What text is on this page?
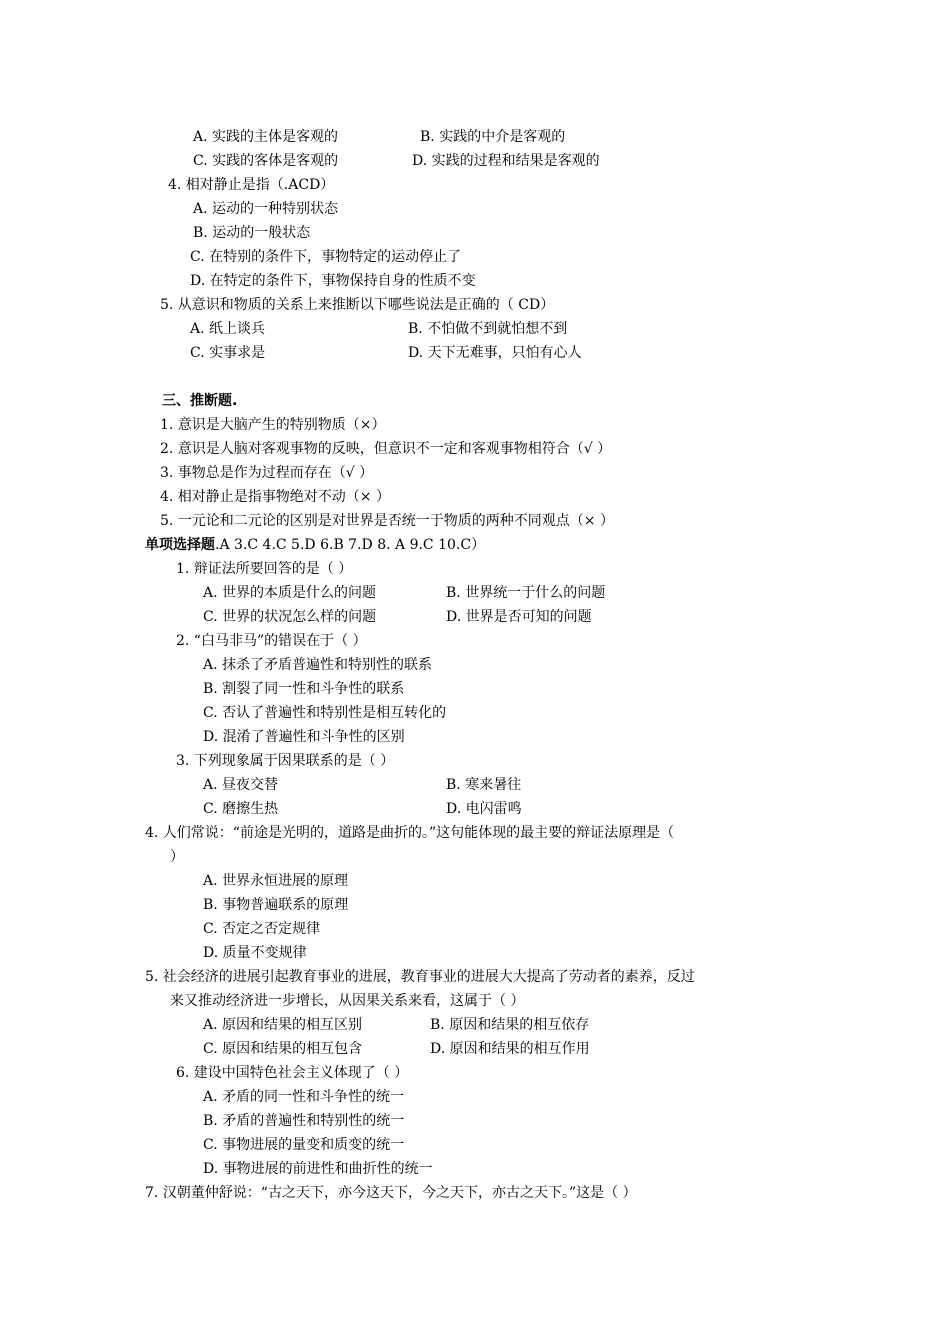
A. 实践的主体是客观的	B. 实践的中介是客观的
C. 实践的客体是客观的	D. 实践的过程和结果是客观的
4. 相对静止是指（.ACD）
A. 运动的一种特别状态
B. 运动的一般状态
C. 在特别的条件下，事物特定的运动停止了
D. 在特定的条件下，事物保持自身的性质不变
5. 从意识和物质的关系上来推断以下哪些说法是正确的（ CD）
A. 纸上谈兵	B. 不怕做不到就怕想不到
C. 实事求是	D. 天下无难事，只怕有心人
三、推断题.
1. 意识是大脑产生的特别物质（×）
2. 意识是人脑对客观事物的反映，但意识不一定和客观事物相符合（√ ）
3. 事物总是作为过程而存在（√ ）
4. 相对静止是指事物绝对不动（× ）
5. 一元论和二元论的区别是对世界是否统一于物质的两种不同观点（× ）
单项选择题.A 3.C 4.C 5.D 6.B 7.D 8. A 9.C 10.C）
1. 辩证法所要回答的是（ ）
A. 世界的本质是什么的问题	B. 世界统一于什么的问题
C. 世界的状况怎么样的问题	D. 世界是否可知的问题
2. “白马非马”的错误在于（ ）
A. 抹杀了矛盾普遍性和特别性的联系
B. 割裂了同一性和斗争性的联系
C. 否认了普遍性和特别性是相互转化的
D. 混淆了普遍性和斗争性的区别
3. 下列现象属于因果联系的是（ ）
A. 昼夜交替	B. 寒来暑往
C. 磨擦生热	D. 电闪雷鸣
4. 人们常说：“前途是光明的，道路是曲折的。”这句能体现的最主要的辩证法原理是（
）
A. 世界永恒进展的原理
B. 事物普遍联系的原理
C. 否定之否定规律
D. 质量不变规律
5. 社会经济的进展引起教育事业的进展，教育事业的进展大大提高了劳动者的素养，反过
来又推动经济进一步增长，从因果关系来看，这属于（ ）
A. 原因和结果的相互区别	B. 原因和结果的相互依存
C. 原因和结果的相互包含	D. 原因和结果的相互作用
6. 建设中国特色社会主义体现了（ ）
A. 矛盾的同一性和斗争性的统一
B. 矛盾的普遍性和特别性的统一
C. 事物进展的量变和质变的统一
D. 事物进展的前进性和曲折性的统一
7. 汉朝董仲舒说：“古之天下，亦今这天下，今之天下，亦古之天下。”这是（ ）
